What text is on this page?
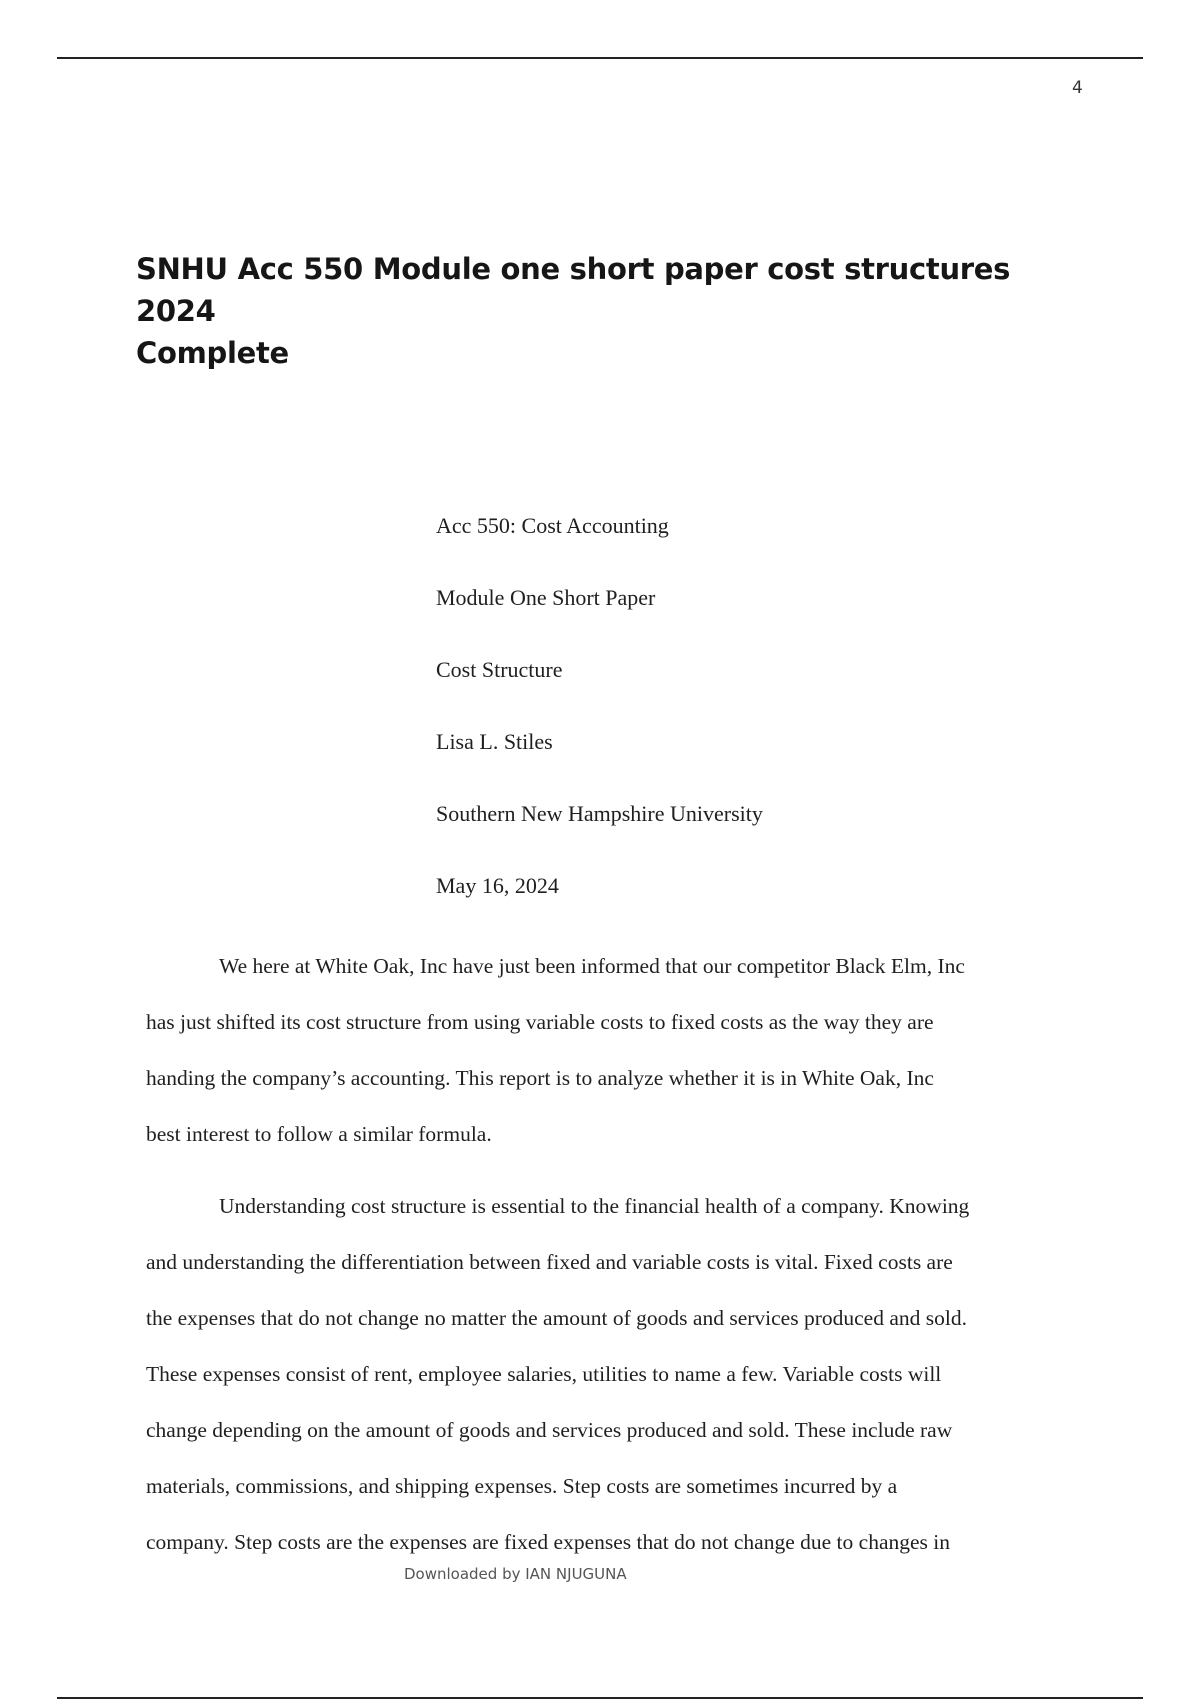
4
SNHU Acc 550 Module one short paper cost structures 2024
Complete
Acc 550: Cost Accounting
Module One Short Paper
Cost Structure
Lisa L. Stiles
Southern New Hampshire University
May 16, 2024
We here at White Oak, Inc have just been informed that our competitor Black Elm, Inc
has just shifted its cost structure from using variable costs to fixed costs as the way they are
handing the company’s accounting. This report is to analyze whether it is in White Oak, Inc
best interest to follow a similar formula.
Understanding cost structure is essential to the financial health of a company. Knowing
and understanding the differentiation between fixed and variable costs is vital. Fixed costs are
the expenses that do not change no matter the amount of goods and services produced and sold.
These expenses consist of rent, employee salaries, utilities to name a few. Variable costs will
change depending on the amount of goods and services produced and sold. These include raw
materials, commissions, and shipping expenses. Step costs are sometimes incurred by a
company. Step costs are the expenses are fixed expenses that do not change due to changes in
Downloaded by IAN NJUGUNA
